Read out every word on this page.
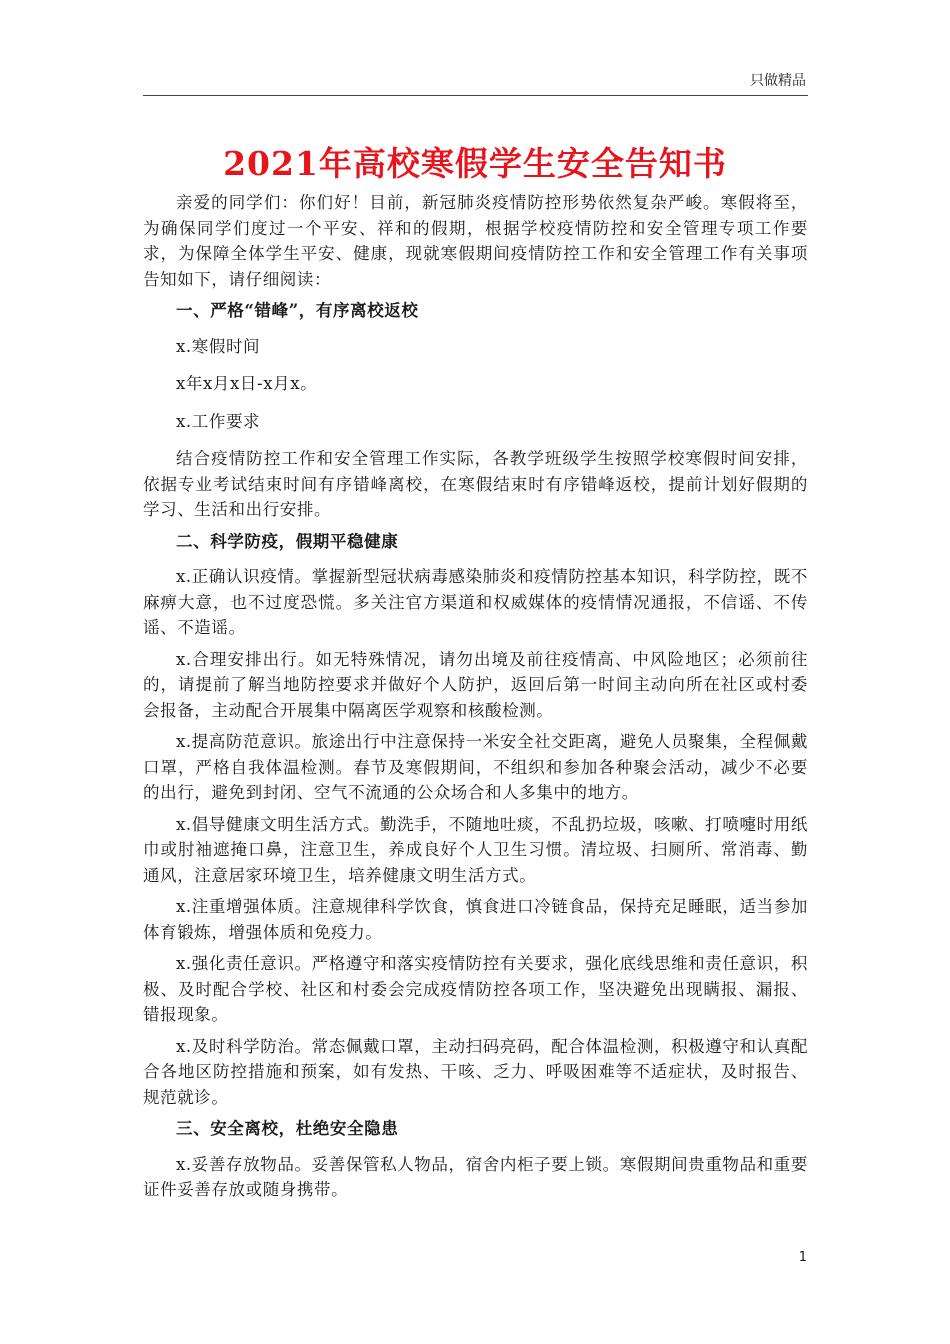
只做精品
2021年高校寒假学生安全告知书

亲爱的同学们：你们好！目前，新冠肺炎疫情防控形势依然复杂严峻。寒假将至，为确保同学们度过一个平安、祥和的假期，根据学校疫情防控和安全管理专项工作要求，为保障全体学生平安、健康，现就寒假期间疫情防控工作和安全管理工作有关事项告知如下，请仔细阅读：

一、严格“错峰”，有序离校返校

x.寒假时间

x年x月x日-x月x。

x.工作要求

结合疫情防控工作和安全管理工作实际，各教学班级学生按照学校寒假时间安排，依据专业考试结束时间有序错峰离校，在寒假结束时有序错峰返校，提前计划好假期的学习、生活和出行安排。

二、科学防疫，假期平稳健康

x.正确认识疫情。掌握新型冠状病毒感染肺炎和疫情防控基本知识，科学防控，既不麻痹大意，也不过度恐慌。多关注官方渠道和权威媒体的疫情情况通报，不信谣、不传谣、不造谣。

x.合理安排出行。如无特殊情况，请勿出境及前往疫情高、中风险地区；必须前往的，请提前了解当地防控要求并做好个人防护，返回后第一时间主动向所在社区或村委会报备，主动配合开展集中隔离医学观察和核酸检测。

x.提高防范意识。旅途出行中注意保持一米安全社交距离，避免人员聚集，全程佩戴口罩，严格自我体温检测。春节及寒假期间，不组织和参加各种聚会活动，减少不必要的出行，避免到封闭、空气不流通的公众场合和人多集中的地方。

x.倡导健康文明生活方式。勤洗手，不随地吐痰，不乱扔垃圾，咳嗽、打喷嚏时用纸巾或肘袖遮掩口鼻，注意卫生，养成良好个人卫生习惯。清垃圾、扫厕所、常消毒、勤通风，注意居家环境卫生，培养健康文明生活方式。

x.注重增强体质。注意规律科学饮食，慎食进口冷链食品，保持充足睡眠，适当参加体育锻炼，增强体质和免疫力。

x.强化责任意识。严格遵守和落实疫情防控有关要求，强化底线思维和责任意识，积极、及时配合学校、社区和村委会完成疫情防控各项工作，坚决避免出现瞒报、漏报、错报现象。

x.及时科学防治。常态佩戴口罩，主动扫码亮码，配合体温检测，积极遵守和认真配合各地区防控措施和预案，如有发热、干咳、乏力、呼吸困难等不适症状，及时报告、规范就诊。

三、安全离校，杜绝安全隐患

x.妥善存放物品。妥善保管私人物品，宿舍内柜子要上锁。寒假期间贵重物品和重要证件妥善存放或随身携带。

1
